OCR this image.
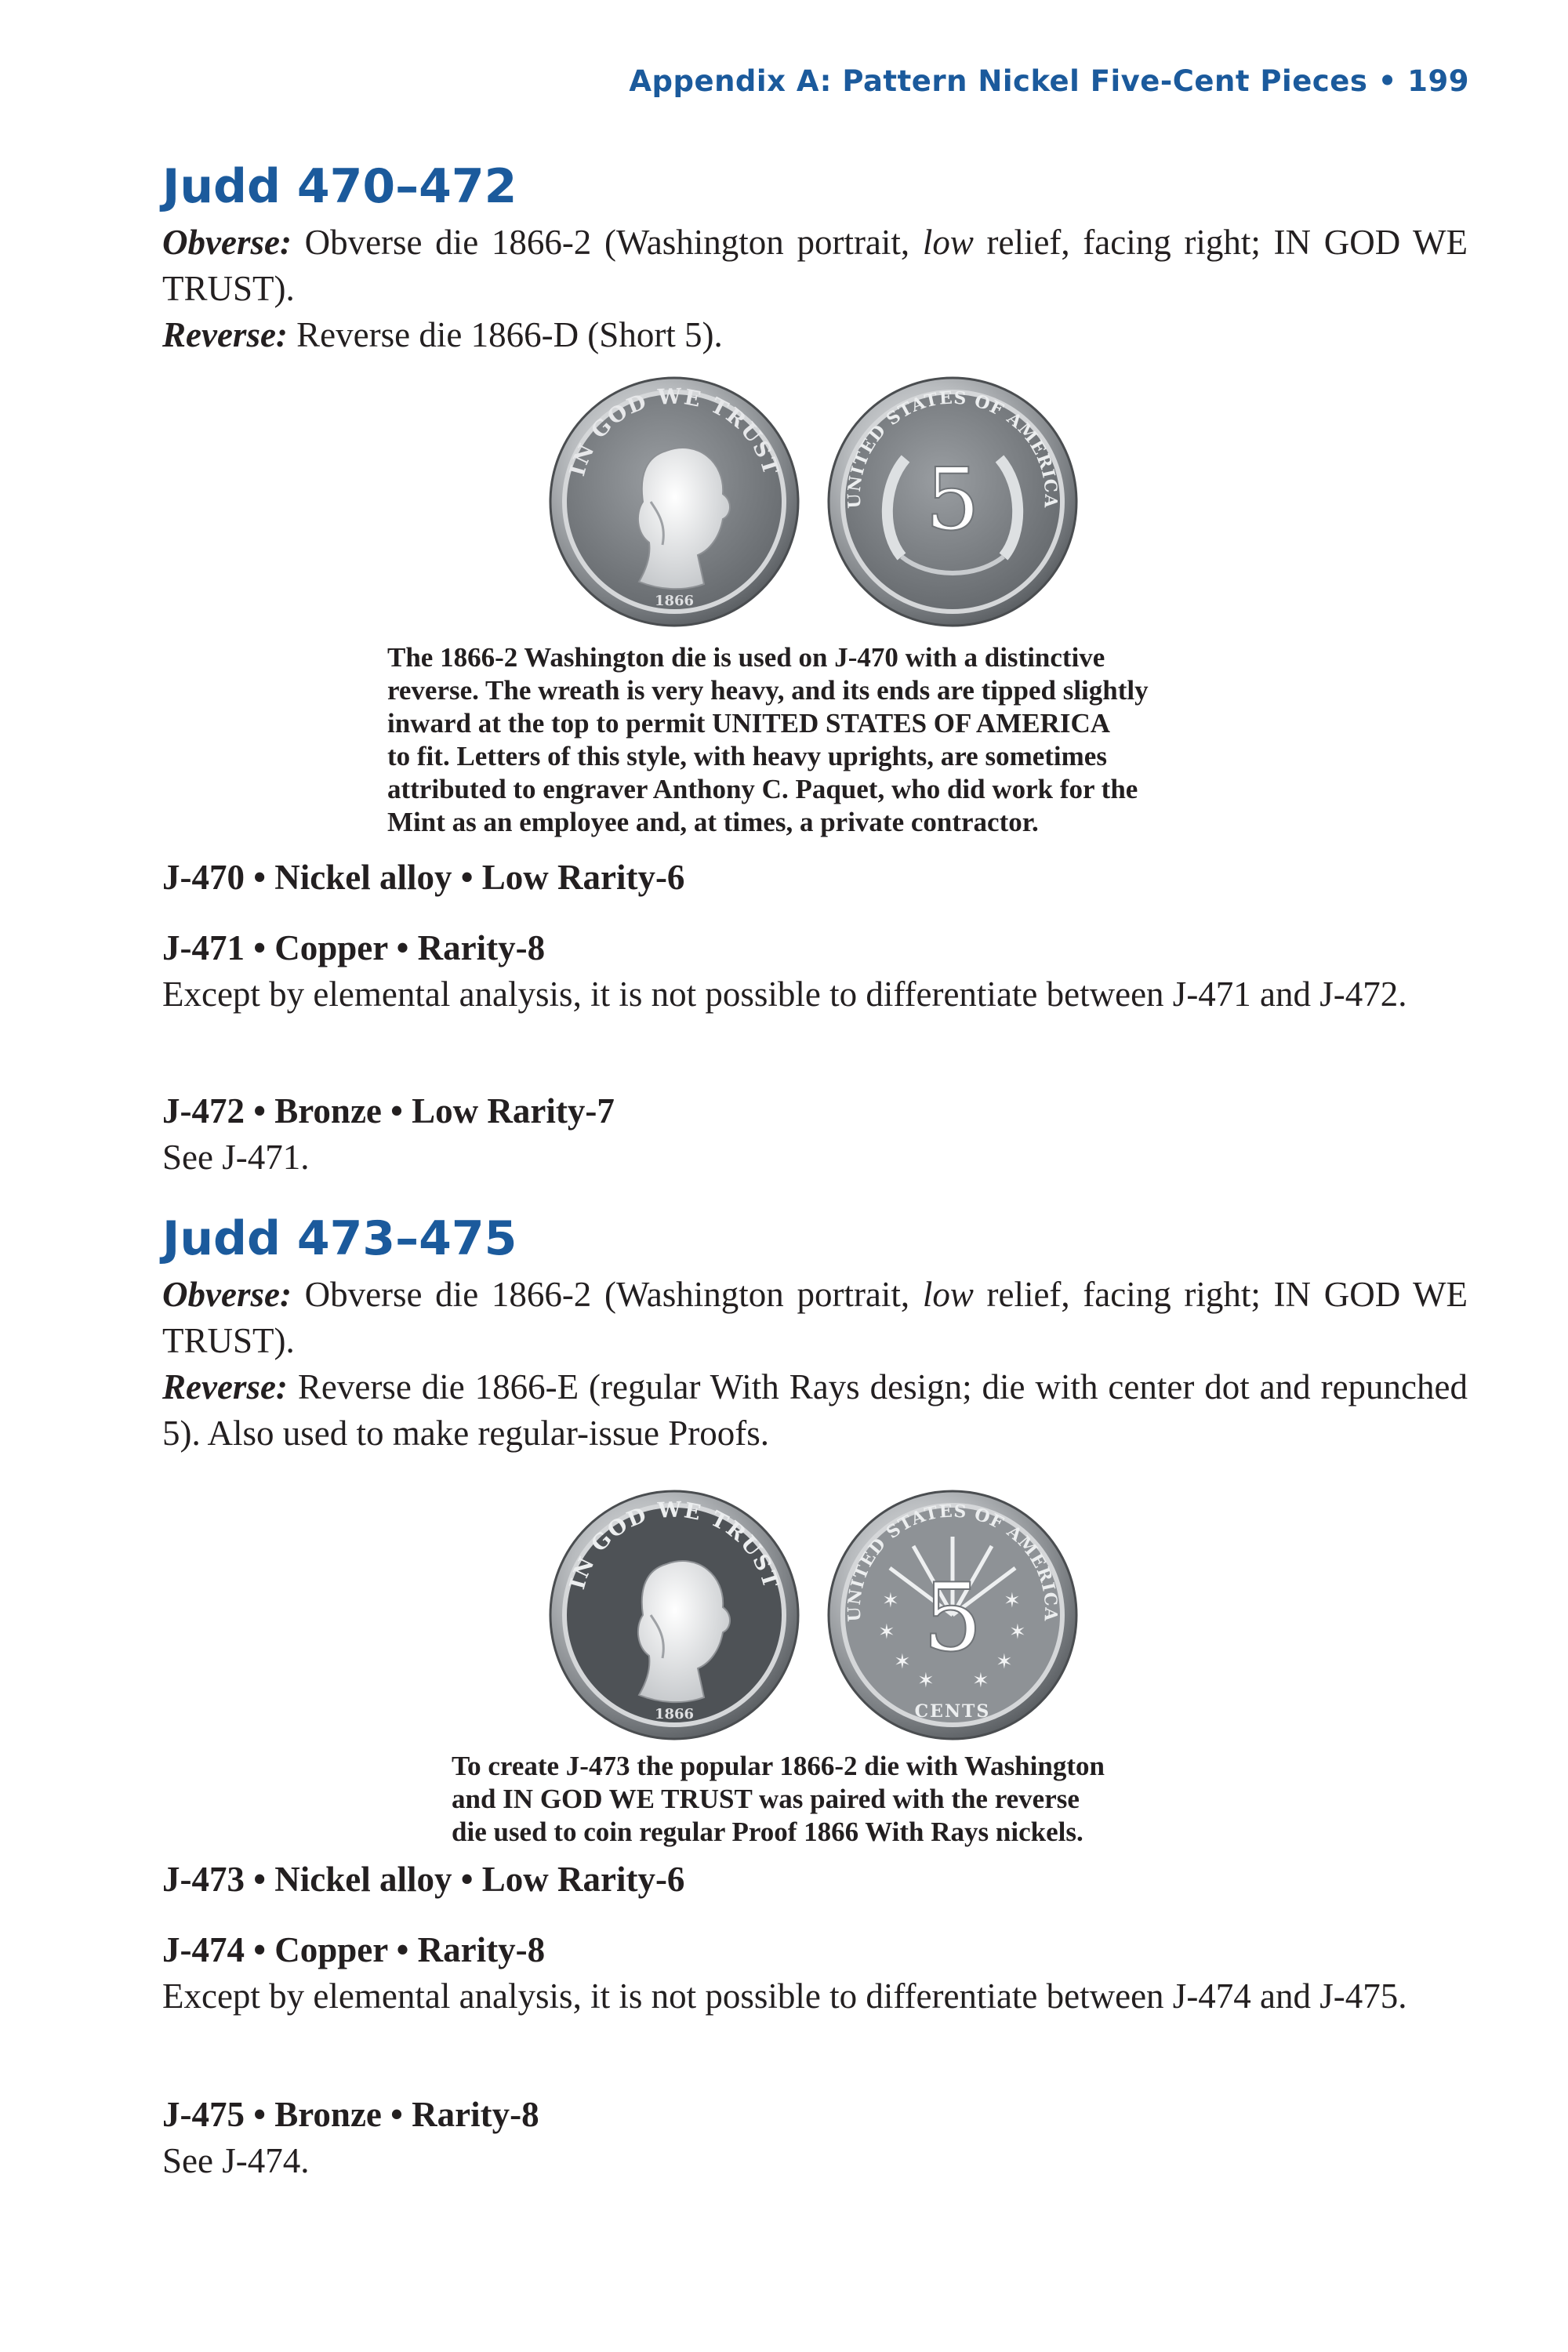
Appendix A: Pattern Nickel Five-Cent Pieces • 199
Judd 470–472

Obverse: Obverse die 1866-2 (Washington portrait, low relief, facing right; IN GOD WE TRUST).

Reverse: Reverse die 1866-D (Short 5).

IN GOD WE TRUST
1866
UNITED STATES OF AMERICA
5

The 1866-2 Washington die is used on J-470 with a distinctive

reverse. The wreath is very heavy, and its ends are tipped slightly

inward at the top to permit UNITED STATES OF AMERICA

to fit. Letters of this style, with heavy uprights, are sometimes

attributed to engraver Anthony C. Paquet, who did work for the

Mint as an employee and, at times, a private contractor.

J-470 • Nickel alloy • Low Rarity-6

J-471 • Copper • Rarity-8

Except by elemental analysis, it is not possible to differentiate between J-471 and J-472.

J-472 • Bronze • Low Rarity-7

See J-471.

Judd 473–475

Obverse: Obverse die 1866-2 (Washington portrait, low relief, facing right; IN GOD WE TRUST).

Reverse: Reverse die 1866-E (regular With Rays design; die with center dot and repunched 5). Also used to make regular-issue Proofs.

IN GOD WE TRUST
1866
UNITED STATES OF AMERICA
✶	✶
✶	✶
✶	✶
✶ ✶
5
CENTS

To create J-473 the popular 1866-2 die with Washington

and IN GOD WE TRUST was paired with the reverse

die used to coin regular Proof 1866 With Rays nickels.

J-473 • Nickel alloy • Low Rarity-6

J-474 • Copper • Rarity-8

Except by elemental analysis, it is not possible to differentiate between J-474 and J-475.

J-475 • Bronze • Rarity-8

See J-474.
